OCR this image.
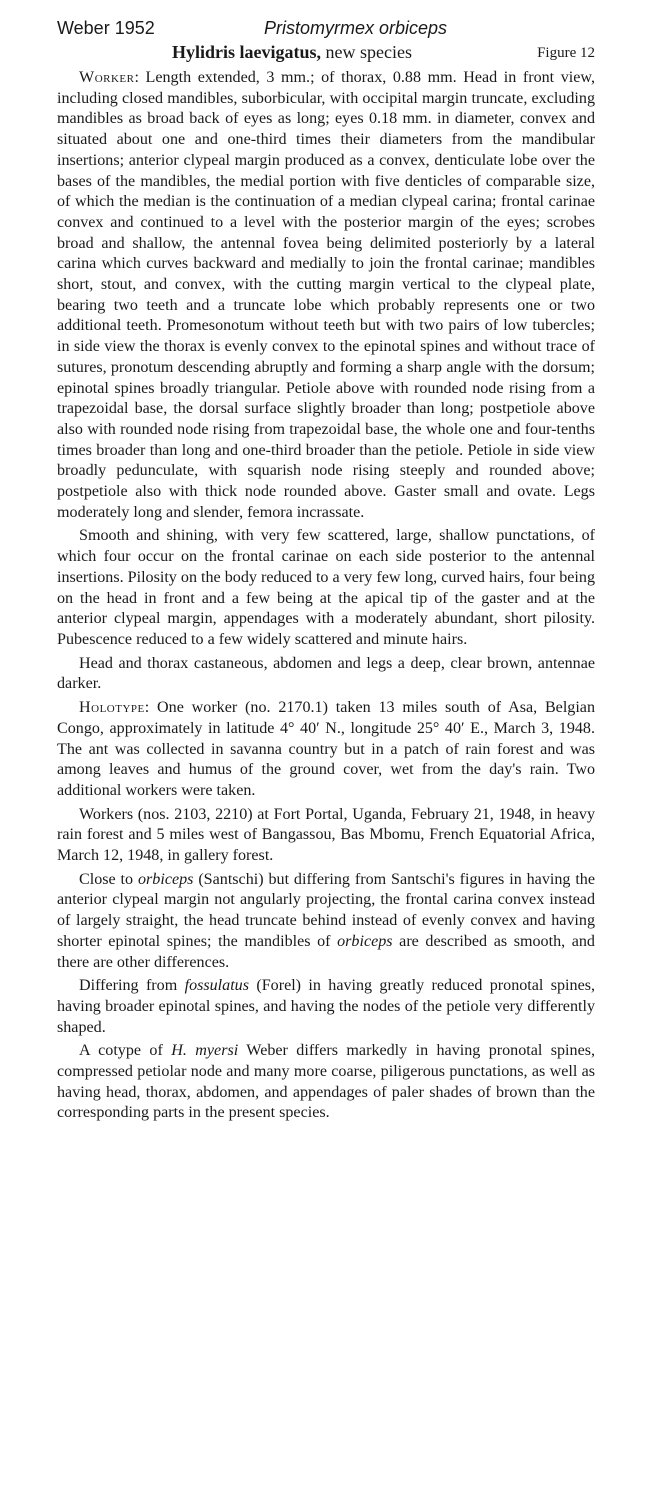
Weber 1952	Pristomyrmex orbiceps
Hylidris laevigatus, new species	Figure 12

Worker: Length extended, 3 mm.; of thorax, 0.88 mm. Head in front view, including closed mandibles, suborbicular, with occipital margin truncate, excluding mandibles as broad back of eyes as long; eyes 0.18 mm. in diameter, convex and situated about one and one-third times their diameters from the mandibular insertions; anterior clypeal margin produced as a convex, denticulate lobe over the bases of the mandibles, the medial portion with five denticles of comparable size, of which the median is the continuation of a median clypeal carina; frontal carinae convex and continued to a level with the posterior margin of the eyes; scrobes broad and shallow, the antennal fovea being delimited posteriorly by a lateral carina which curves backward and medially to join the frontal carinae; mandibles short, stout, and convex, with the cutting margin vertical to the clypeal plate, bearing two teeth and a truncate lobe which probably represents one or two additional teeth. Promesonotum without teeth but with two pairs of low tubercles; in side view the thorax is evenly convex to the epinotal spines and without trace of sutures, pronotum descending abruptly and forming a sharp angle with the dorsum; epinotal spines broadly triangular. Petiole above with rounded node rising from a trapezoidal base, the dorsal surface slightly broader than long; postpetiole above also with rounded node rising from trapezoidal base, the whole one and four-tenths times broader than long and one-third broader than the petiole. Petiole in side view broadly pedunculate, with squarish node rising steeply and rounded above; postpetiole also with thick node rounded above. Gaster small and ovate. Legs moderately long and slender, femora incrassate.

Smooth and shining, with very few scattered, large, shallow punctations, of which four occur on the frontal carinae on each side posterior to the antennal insertions. Pilosity on the body reduced to a very few long, curved hairs, four being on the head in front and a few being at the apical tip of the gaster and at the anterior clypeal margin, appendages with a moderately abundant, short pilosity. Pubescence reduced to a few widely scattered and minute hairs.

Head and thorax castaneous, abdomen and legs a deep, clear brown, antennae darker.

Holotype: One worker (no. 2170.1) taken 13 miles south of Asa, Belgian Congo, approximately in latitude 4° 40′ N., longitude 25° 40′ E., March 3, 1948. The ant was collected in savanna country but in a patch of rain forest and was among leaves and humus of the ground cover, wet from the day's rain. Two additional workers were taken.

Workers (nos. 2103, 2210) at Fort Portal, Uganda, February 21, 1948, in heavy rain forest and 5 miles west of Bangassou, Bas Mbomu, French Equatorial Africa, March 12, 1948, in gallery forest.

Close to orbiceps (Santschi) but differing from Santschi's figures in having the anterior clypeal margin not angularly projecting, the frontal carina convex instead of largely straight, the head truncate behind instead of evenly convex and having shorter epinotal spines; the mandibles of orbiceps are described as smooth, and there are other differences.

Differing from fossulatus (Forel) in having greatly reduced pronotal spines, having broader epinotal spines, and having the nodes of the petiole very differently shaped.

A cotype of H. myersi Weber differs markedly in having pronotal spines, compressed petiolar node and many more coarse, piligerous punctations, as well as having head, thorax, abdomen, and appendages of paler shades of brown than the corresponding parts in the present species.
